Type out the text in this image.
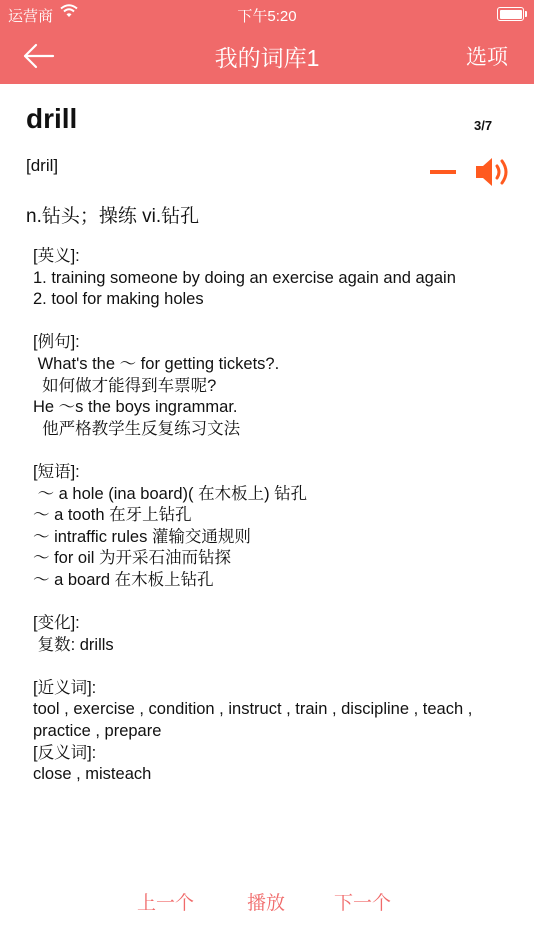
运营商	下午5:20
我的词库1	选项
drill	3/7
[dril]
n.钻头；操练 vi.钻孔
[英义]:
1. training someone by doing an exercise again and again
2. tool for making holes

[例句]:
What's the ～ for getting tickets?.
如何做才能得到车票呢?
He ～s the boys ingrammar.
他严格教学生反复练习文法

[短语]:
～ a hole (ina board)( 在木板上) 钻孔
～ a tooth 在牙上钻孔
～ intraffic rules 灌输交通规则
～ for oil 为开采石油而钻探
～ a board 在木板上钻孔

[变化]:
复数: drills

[近义词]:
tool , exercise , condition , instruct , train , discipline , teach , practice , prepare
[反义词]:
close , misteach
上一个	播放	下一个
